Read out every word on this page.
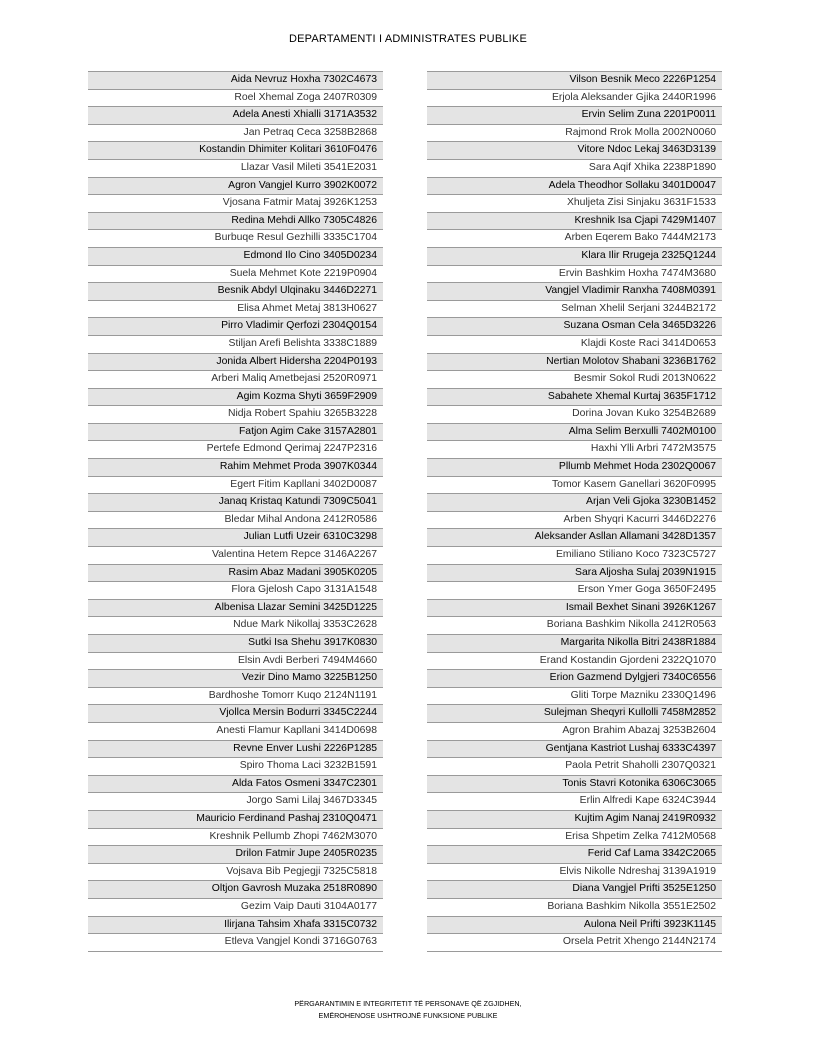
DEPARTAMENTI I ADMINISTRATES PUBLIKE
Aida Nevruz Hoxha 7302C4673
Roel Xhemal Zoga 2407R0309
Adela Anesti Xhialli 3171A3532
Jan Petraq Ceca 3258B2868
Kostandin Dhimiter Kolitari 3610F0476
Llazar Vasil Mileti 3541E2031
Agron Vangjel Kurro 3902K0072
Vjosana Fatmir Mataj 3926K1253
Redina Mehdi Allko 7305C4826
Burbuqe Resul Gezhilli 3335C1704
Edmond Ilo Cino 3405D0234
Suela Mehmet Kote 2219P0904
Besnik Abdyl Ulqinaku 3446D2271
Elisa Ahmet Metaj 3813H0627
Pirro Vladimir Qerfozi 2304Q0154
Stiljan Arefi Belishta 3338C1889
Jonida Albert Hidersha 2204P0193
Arberi Maliq Ametbejasi 2520R0971
Agim Kozma Shyti 3659F2909
Nidja Robert Spahiu 3265B3228
Fatjon Agim Cake 3157A2801
Pertefe Edmond Qerimaj 2247P2316
Rahim Mehmet Proda 3907K0344
Egert Fitim Kapllani 3402D0087
Janaq Kristaq Katundi 7309C5041
Bledar Mihal Andona 2412R0586
Julian Lutfi Uzeir 6310C3298
Valentina Hetem Repce 3146A2267
Rasim Abaz Madani 3905K0205
Flora Gjelosh Capo 3131A1548
Albenisa Llazar Semini 3425D1225
Ndue Mark Nikollaj 3353C2628
Sutki Isa Shehu 3917K0830
Elsin Avdi Berberi 7494M4660
Vezir Dino Mamo 3225B1250
Bardhoshe Tomorr Kuqo 2124N1191
Vjollca Mersin Bodurri 3345C2244
Anesti Flamur Kapllani 3414D0698
Revne Enver Lushi 2226P1285
Spiro Thoma Laci 3232B1591
Alda Fatos Osmeni 3347C2301
Jorgo Sami Lilaj 3467D3345
Mauricio Ferdinand Pashaj 2310Q0471
Kreshnik Pellumb Zhopi 7462M3070
Drilon Fatmir Jupe 2405R0235
Vojsava Bib Pegjegji 7325C5818
Oltjon Gavrosh Muzaka 2518R0890
Gezim Vaip Dauti 3104A0177
Ilirjana Tahsim Xhafa 3315C0732
Etleva Vangjel Kondi 3716G0763
Vilson Besnik Meco 2226P1254
Erjola Aleksander Gjika 2440R1996
Ervin Selim Zuna 2201P0011
Rajmond Rrok Molla 2002N0060
Vitore Ndoc Lekaj 3463D3139
Sara Aqif Xhika 2238P1890
Adela Theodhor Sollaku 3401D0047
Xhuljeta Zisi Sinjaku 3631F1533
Kreshnik Isa Cjapi 7429M1407
Arben Eqerem Bako 7444M2173
Klara Ilir Rrugeja 2325Q1244
Ervin Bashkim Hoxha 7474M3680
Vangjel Vladimir Ranxha 7408M0391
Selman Xhelil Serjani 3244B2172
Suzana Osman Cela 3465D3226
Klajdi Koste Raci 3414D0653
Nertian Molotov Shabani 3236B1762
Besmir Sokol Rudi 2013N0622
Sabahete Xhemal Kurtaj 3635F1712
Dorina Jovan Kuko 3254B2689
Alma Selim Berxulli 7402M0100
Haxhi Ylli Arbri 7472M3575
Pllumb Mehmet Hoda 2302Q0067
Tomor Kasem Ganellari 3620F0995
Arjan Veli Gjoka 3230B1452
Arben Shyqri Kacurri 3446D2276
Aleksander Asllan Allamani 3428D1357
Emiliano Stiliano Koco 7323C5727
Sara Aljosha Sulaj 2039N1915
Erson Ymer Goga 3650F2495
Ismail Bexhet Sinani 3926K1267
Boriana Bashkim Nikolla 2412R0563
Margarita Nikolla Bitri 2438R1884
Erand Kostandin Gjordeni 2322Q1070
Erion Gazmend Dylgjeri 7340C6556
Gliti Torpe Mazniku 2330Q1496
Sulejman Sheqyri Kullolli 7458M2852
Agron Brahim Abazaj 3253B2604
Gentjana Kastriot Lushaj 6333C4397
Paola Petrit Shaholli 2307Q0321
Tonis Stavri Kotonika 6306C3065
Erlin Alfredi Kape 6324C3944
Kujtim Agim Nanaj 2419R0932
Erisa Shpetim Zelka 7412M0568
Ferid Caf Lama 3342C2065
Elvis Nikolle Ndreshaj 3139A1919
Diana Vangjel Prifti 3525E1250
Boriana Bashkim Nikolla 3551E2502
Aulona Neil Prifti 3923K1145
Orsela Petrit Xhengo 2144N2174
PËRGARANTIMIN E INTEGRITETIT TË PERSONAVE QË ZGJIDHEN,
EMËROHENOSE USHTROJNË FUNKSIONE PUBLIKE
